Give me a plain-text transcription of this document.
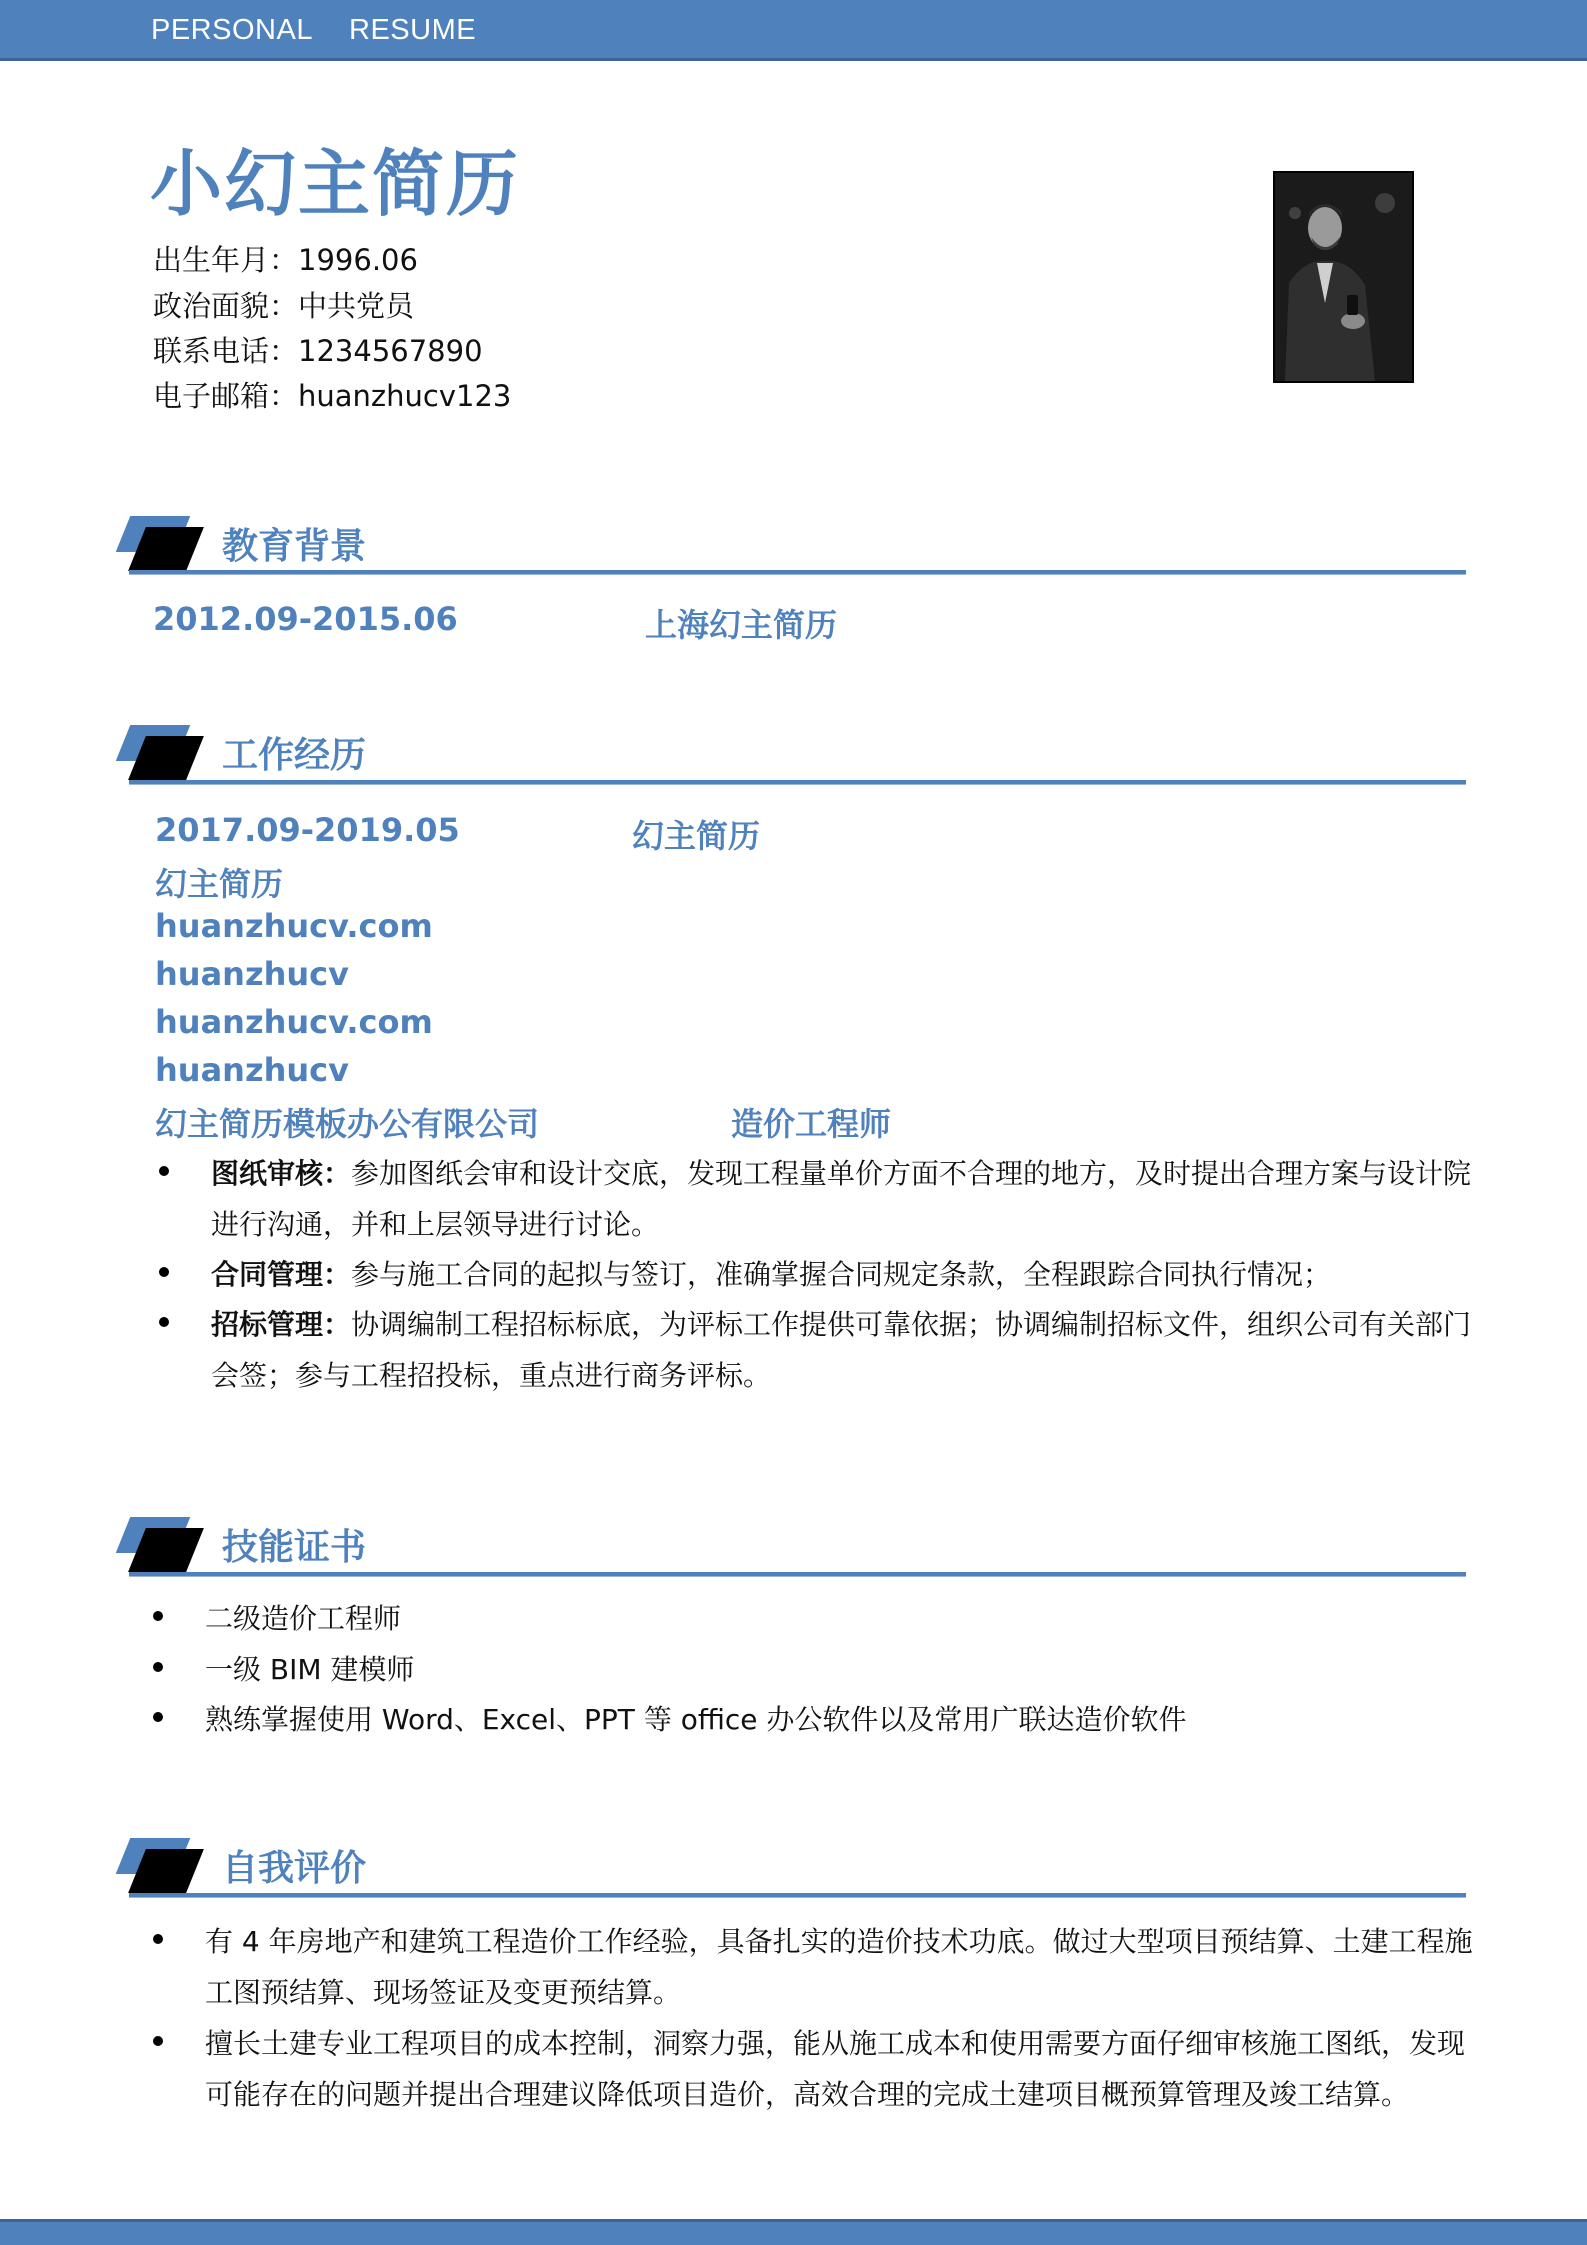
PERSONAL RESUME
小幻主简历
出生年月：1996.06
政治面貌：中共党员
联系电话：1234567890
电子邮箱：huanzhucv123
教育背景
2012.09-2015.06	上海幻主简历
工作经历
2017.09-2019.05	幻主简历
幻主简历
huanzhucv.com
huanzhucv
huanzhucv.com
huanzhucv
幻主简历模板办公有限公司	造价工程师
图纸审核：参加图纸会审和设计交底，发现工程量单价方面不合理的地方，及时提出合理方案与设计院
进行沟通，并和上层领导进行讨论。
合同管理：参与施工合同的起拟与签订，准确掌握合同规定条款，全程跟踪合同执行情况；
招标管理：协调编制工程招标标底，为评标工作提供可靠依据；协调编制招标文件，组织公司有关部门
会签；参与工程招投标，重点进行商务评标。
技能证书
二级造价工程师
一级 BIM 建模师
熟练掌握使用 Word、Excel、PPT 等 office 办公软件以及常用广联达造价软件
自我评价
有 4 年房地产和建筑工程造价工作经验，具备扎实的造价技术功底。做过大型项目预结算、土建工程施
工图预结算、现场签证及变更预结算。
擅长土建专业工程项目的成本控制，洞察力强，能从施工成本和使用需要方面仔细审核施工图纸，发现
可能存在的问题并提出合理建议降低项目造价，高效合理的完成土建项目概预算管理及竣工结算。
